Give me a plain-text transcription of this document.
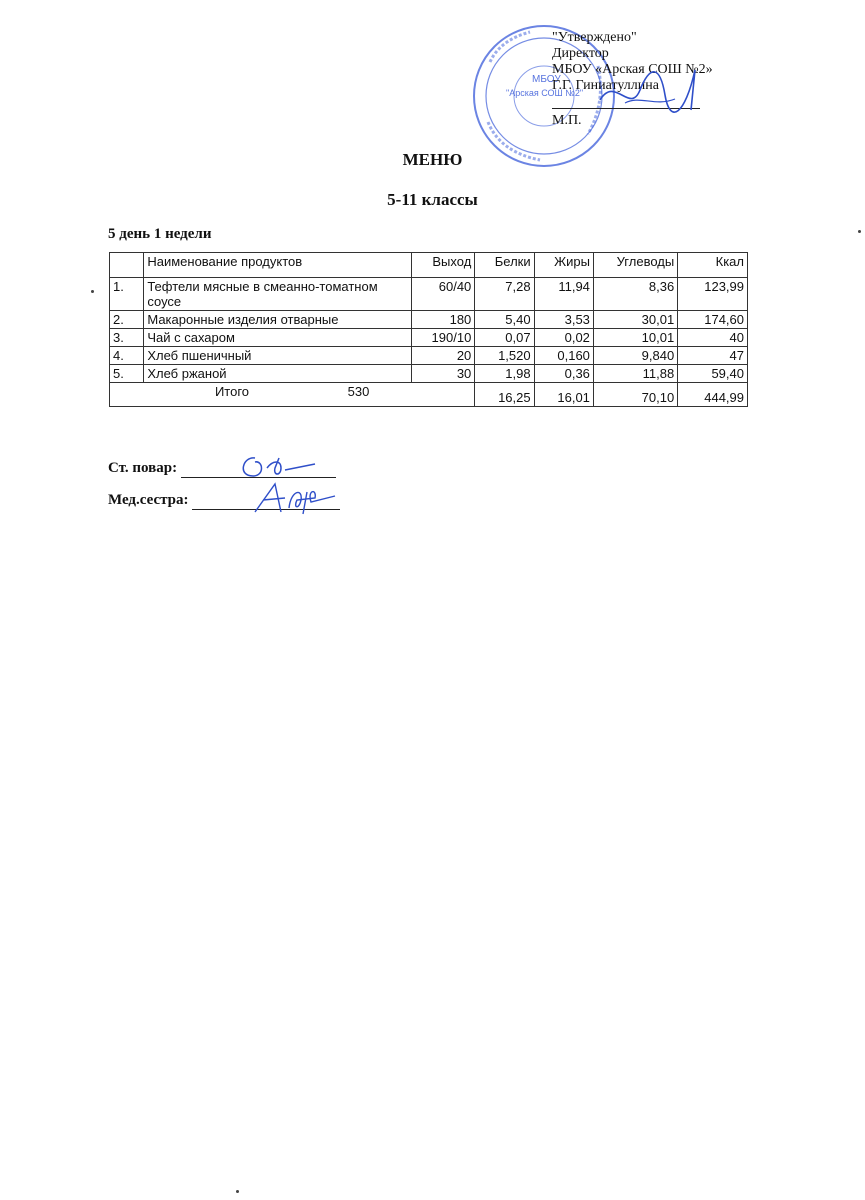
МБОУ
"Арская СОШ №2"
"Утверждено"
Директор
МБОУ «Арская СОШ №2»
Г.Г. Гиниатуллина
М.П.
МЕНЮ
5-11 классы
5 день 1 недели
	Наименование продуктов	Выход	Белки	Жиры	Углеводы	Ккал
1.	Тефтели мясные в смеанно-томатном соусе	60/40	7,28	11,94	8,36	123,99
2.	Макаронные изделия отварные	180	5,40	3,53	30,01	174,60
3.	Чай с сахаром	190/10	0,07	0,02	10,01	40
4.	Хлеб пшеничный	20	1,520	0,160	9,840	47
5.	Хлеб ржаной	30	1,98	0,36	11,88	59,40
Итого 530			16,25	16,01	70,10	444,99
Ст. повар:
Мед.сестра:
